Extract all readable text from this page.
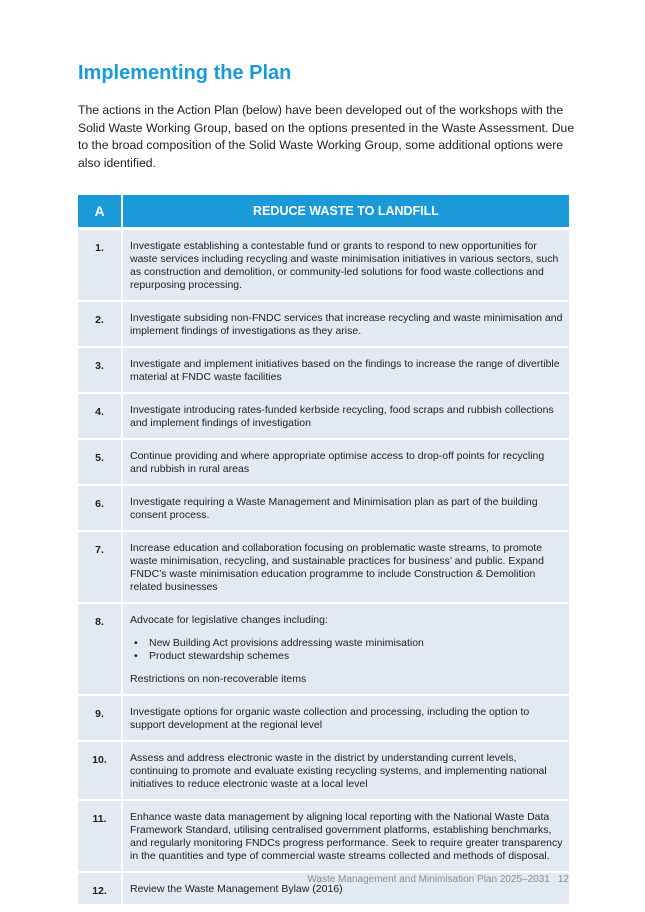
Implementing the Plan

The actions in the Action Plan (below) have been developed out of the workshops with the Solid Waste Working Group, based on the options presented in the Waste Assessment. Due to the broad composition of the Solid Waste Working Group, some additional options were also identified.

A	REDUCE WASTE TO LANDFILL
1.	Investigate establishing a contestable fund or grants to respond to new opportunities for waste services including recycling and waste minimisation initiatives in various sectors, such as construction and demolition, or community-led solutions for food waste collections and repurposing processing.
2.	Investigate subsiding non-FNDC services that increase recycling and waste minimisation and implement findings of investigations as they arise.
3.	Investigate and implement initiatives based on the findings to increase the range of divertible material at FNDC waste facilities
4.	Investigate introducing rates-funded kerbside recycling, food scraps and rubbish collections and implement findings of investigation
5.	Continue providing and where appropriate optimise access to drop-off points for recycling and rubbish in rural areas
6.	Investigate requiring a Waste Management and Minimisation plan as part of the building consent process.
7.	Increase education and collaboration focusing on problematic waste streams, to promote waste minimisation, recycling, and sustainable practices for business’ and public. Expand FNDC’s waste minimisation education programme to include Construction & Demolition related businesses
8.	Advocate for legislative changes including:
• New Building Act provisions addressing waste minimisation
• Product stewardship schemes
Restrictions on non-recoverable items
9.	Investigate options for organic waste collection and processing, including the option to support development at the regional level
10.	Assess and address electronic waste in the district by understanding current levels, continuing to promote and evaluate existing recycling systems, and implementing national initiatives to reduce electronic waste at a local level
11.	Enhance waste data management by aligning local reporting with the National Waste Data Framework Standard, utilising centralised government platforms, establishing benchmarks, and regularly monitoring FNDCs progress performance. Seek to require greater transparency in the quantities and type of commercial waste streams collected and methods of disposal.
12.	Review the Waste Management Bylaw (2016)
Waste Management and Minimisation Plan 2025–2031 12
